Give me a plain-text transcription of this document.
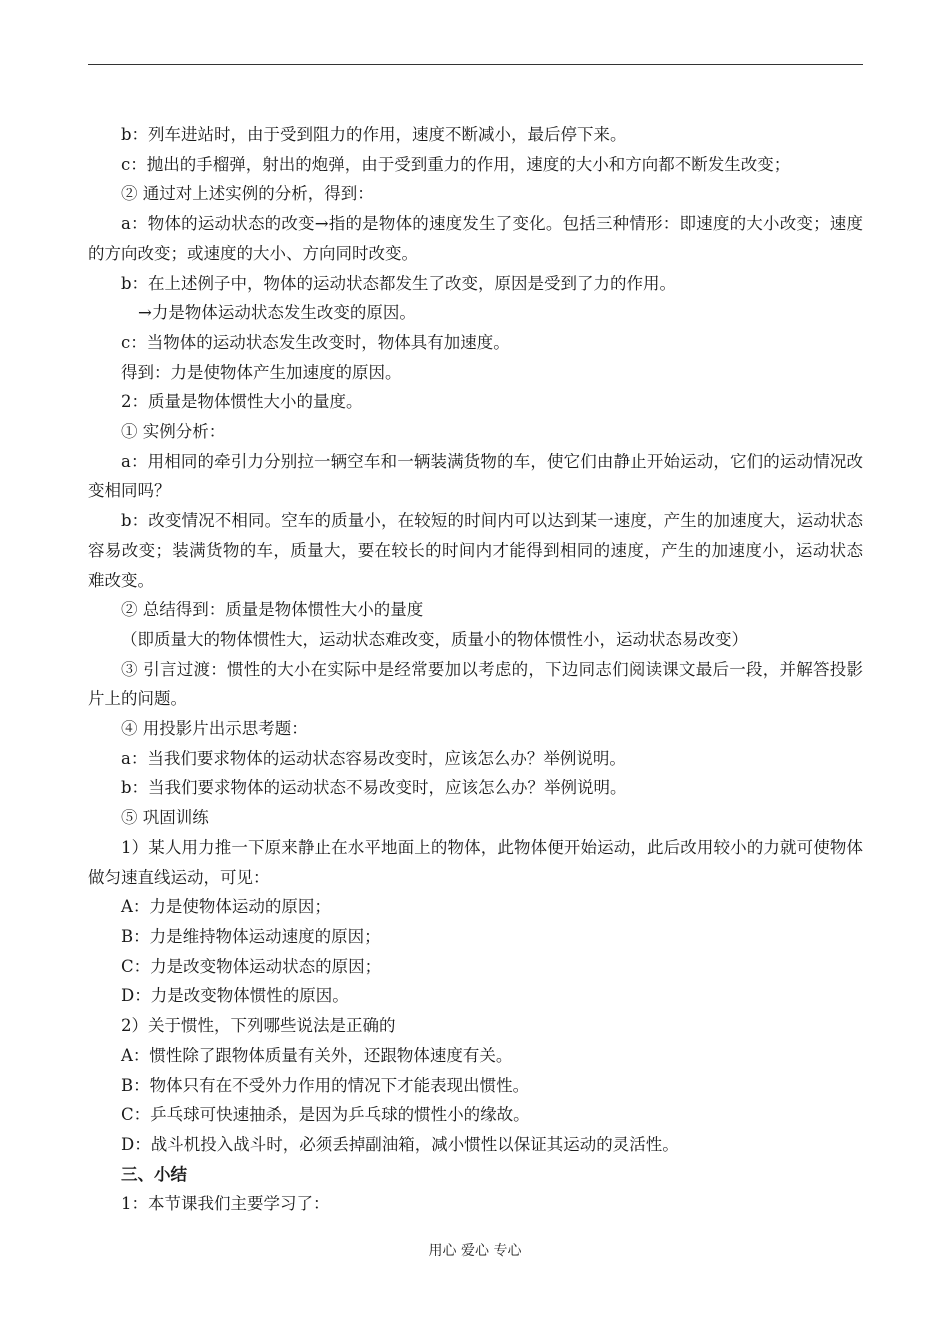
b：列车进站时，由于受到阻力的作用，速度不断减小，最后停下来。

c：抛出的手榴弹，射出的炮弹，由于受到重力的作用，速度的大小和方向都不断发生改变；

② 通过对上述实例的分析，得到：

a：物体的运动状态的改变→指的是物体的速度发生了变化。包括三种情形：即速度的大小改变；速度的方向改变；或速度的大小、方向同时改变。

b：在上述例子中，物体的运动状态都发生了改变，原因是受到了力的作用。

→力是物体运动状态发生改变的原因。

c：当物体的运动状态发生改变时，物体具有加速度。

得到：力是使物体产生加速度的原因。

2：质量是物体惯性大小的量度。

① 实例分析：

a：用相同的牵引力分别拉一辆空车和一辆装满货物的车，使它们由静止开始运动，它们的运动情况改变相同吗？

b：改变情况不相同。空车的质量小，在较短的时间内可以达到某一速度，产生的加速度大，运动状态容易改变；装满货物的车，质量大，要在较长的时间内才能得到相同的速度，产生的加速度小，运动状态难改变。

② 总结得到：质量是物体惯性大小的量度

（即质量大的物体惯性大，运动状态难改变，质量小的物体惯性小，运动状态易改变）

③ 引言过渡：惯性的大小在实际中是经常要加以考虑的，下边同志们阅读课文最后一段，并解答投影片上的问题。

④ 用投影片出示思考题：

a：当我们要求物体的运动状态容易改变时，应该怎么办？举例说明。

b：当我们要求物体的运动状态不易改变时，应该怎么办？举例说明。

⑤ 巩固训练

1）某人用力推一下原来静止在水平地面上的物体，此物体便开始运动，此后改用较小的力就可使物体做匀速直线运动，可见：

A：力是使物体运动的原因；

B：力是维持物体运动速度的原因；

C：力是改变物体运动状态的原因；

D：力是改变物体惯性的原因。

2）关于惯性，下列哪些说法是正确的

A：惯性除了跟物体质量有关外，还跟物体速度有关。

B：物体只有在不受外力作用的情况下才能表现出惯性。

C：乒乓球可快速抽杀，是因为乒乓球的惯性小的缘故。

D：战斗机投入战斗时，必须丢掉副油箱，减小惯性以保证其运动的灵活性。

三、小结

1：本节课我们主要学习了：

用心 爱心 专心
